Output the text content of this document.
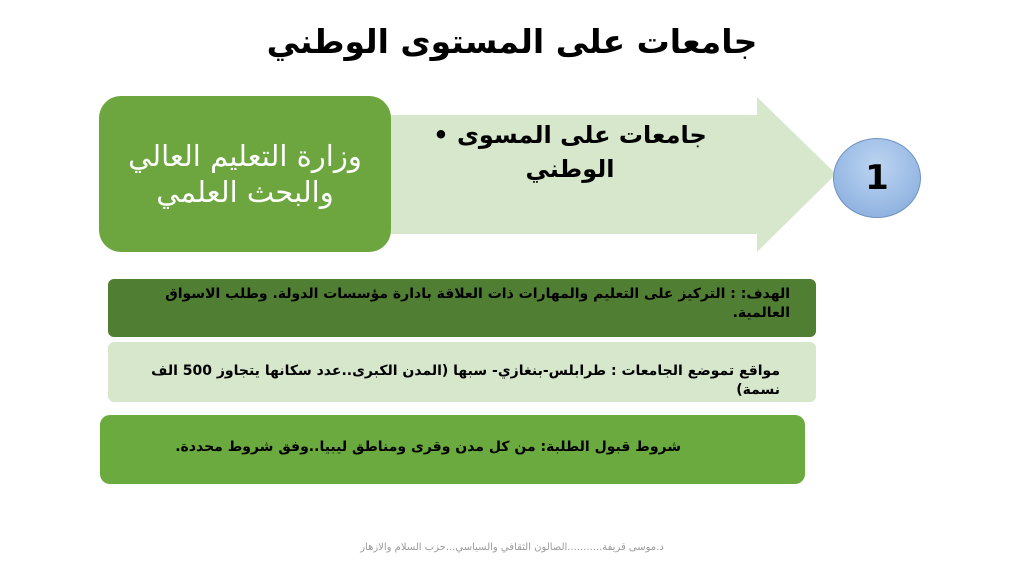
جامعات على المستوى الوطني
جامعات على المسوى •
الوطني
وزارة التعليم العالي والبحث العلمي	1
الهدف: : التركيز على التعليم والمهارات ذات العلاقة بادارة مؤسسات الدولة. وطلب الاسواق العالمية.
مواقع تموضع الجامعات : طرابلس-بنغازي- سبها (المدن الكبرى..عدد سكانها يتجاوز 500 الف نسمة)
شروط قبول الطلبة: من كل مدن وقرى ومناطق ليبيا..وفق شروط محددة.
د.موسى قريفة...........الصالون الثقافي والسياسي...حزب السلام والازهار
